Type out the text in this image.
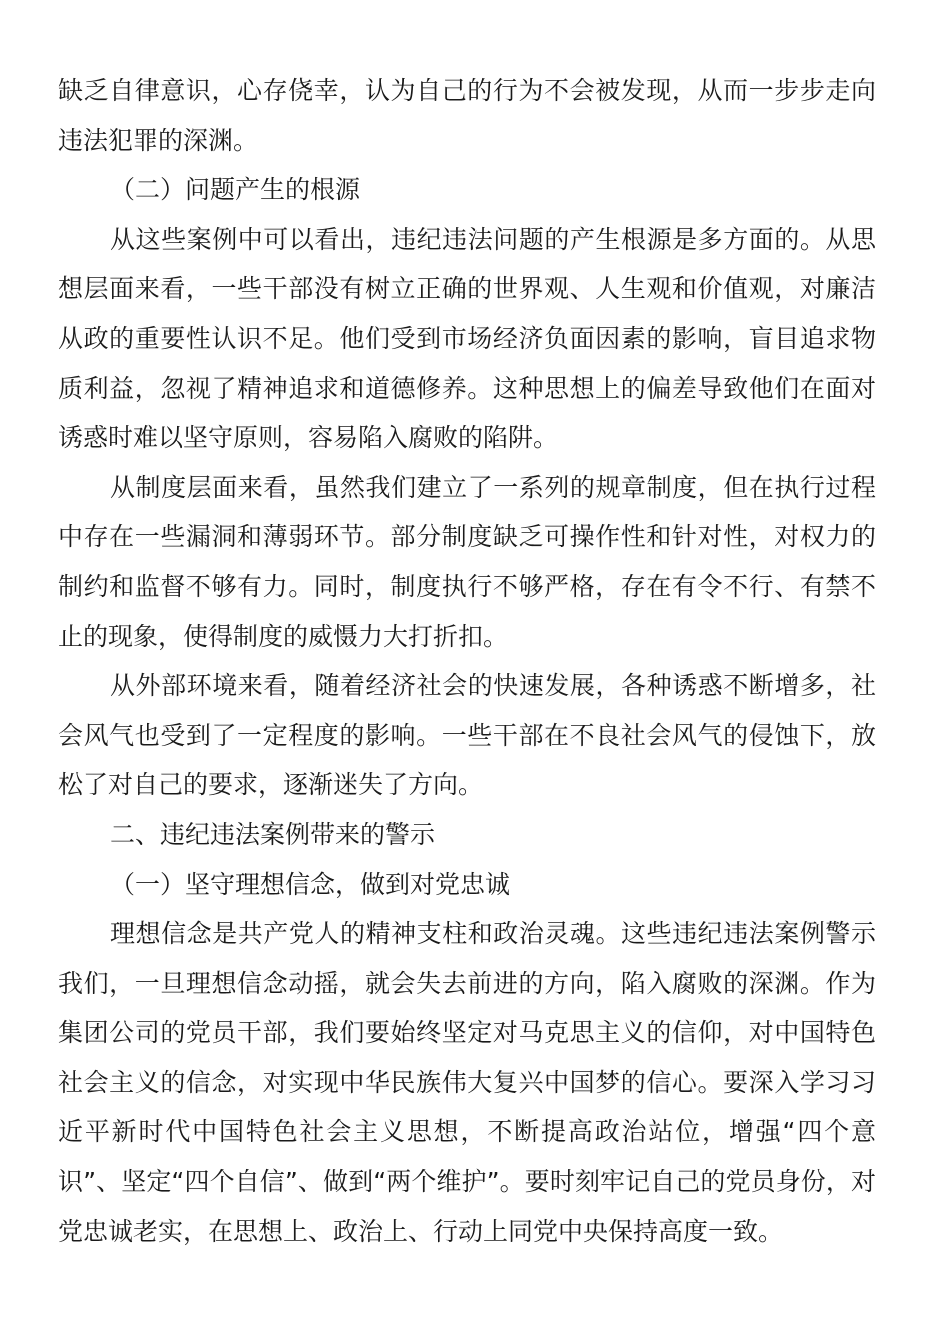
缺乏自律意识，心存侥幸，认为自己的行为不会被发现，从而一步步走向违法犯罪的深渊。

（二）问题产生的根源

从这些案例中可以看出，违纪违法问题的产生根源是多方面的。从思想层面来看，一些干部没有树立正确的世界观、人生观和价值观，对廉洁从政的重要性认识不足。他们受到市场经济负面因素的影响，盲目追求物质利益，忽视了精神追求和道德修养。这种思想上的偏差导致他们在面对诱惑时难以坚守原则，容易陷入腐败的陷阱。

从制度层面来看，虽然我们建立了一系列的规章制度，但在执行过程中存在一些漏洞和薄弱环节。部分制度缺乏可操作性和针对性，对权力的制约和监督不够有力。同时，制度执行不够严格，存在有令不行、有禁不止的现象，使得制度的威慑力大打折扣。

从外部环境来看，随着经济社会的快速发展，各种诱惑不断增多，社会风气也受到了一定程度的影响。一些干部在不良社会风气的侵蚀下，放松了对自己的要求，逐渐迷失了方向。

二、违纪违法案例带来的警示

（一）坚守理想信念，做到对党忠诚

理想信念是共产党人的精神支柱和政治灵魂。这些违纪违法案例警示我们，一旦理想信念动摇，就会失去前进的方向，陷入腐败的深渊。作为集团公司的党员干部，我们要始终坚定对马克思主义的信仰，对中国特色社会主义的信念，对实现中华民族伟大复兴中国梦的信心。要深入学习习近平新时代中国特色社会主义思想，不断提高政治站位，增强“四个意识”、坚定“四个自信”、做到“两个维护”。要时刻牢记自己的党员身份，对党忠诚老实，在思想上、政治上、行动上同党中央保持高度一致。
